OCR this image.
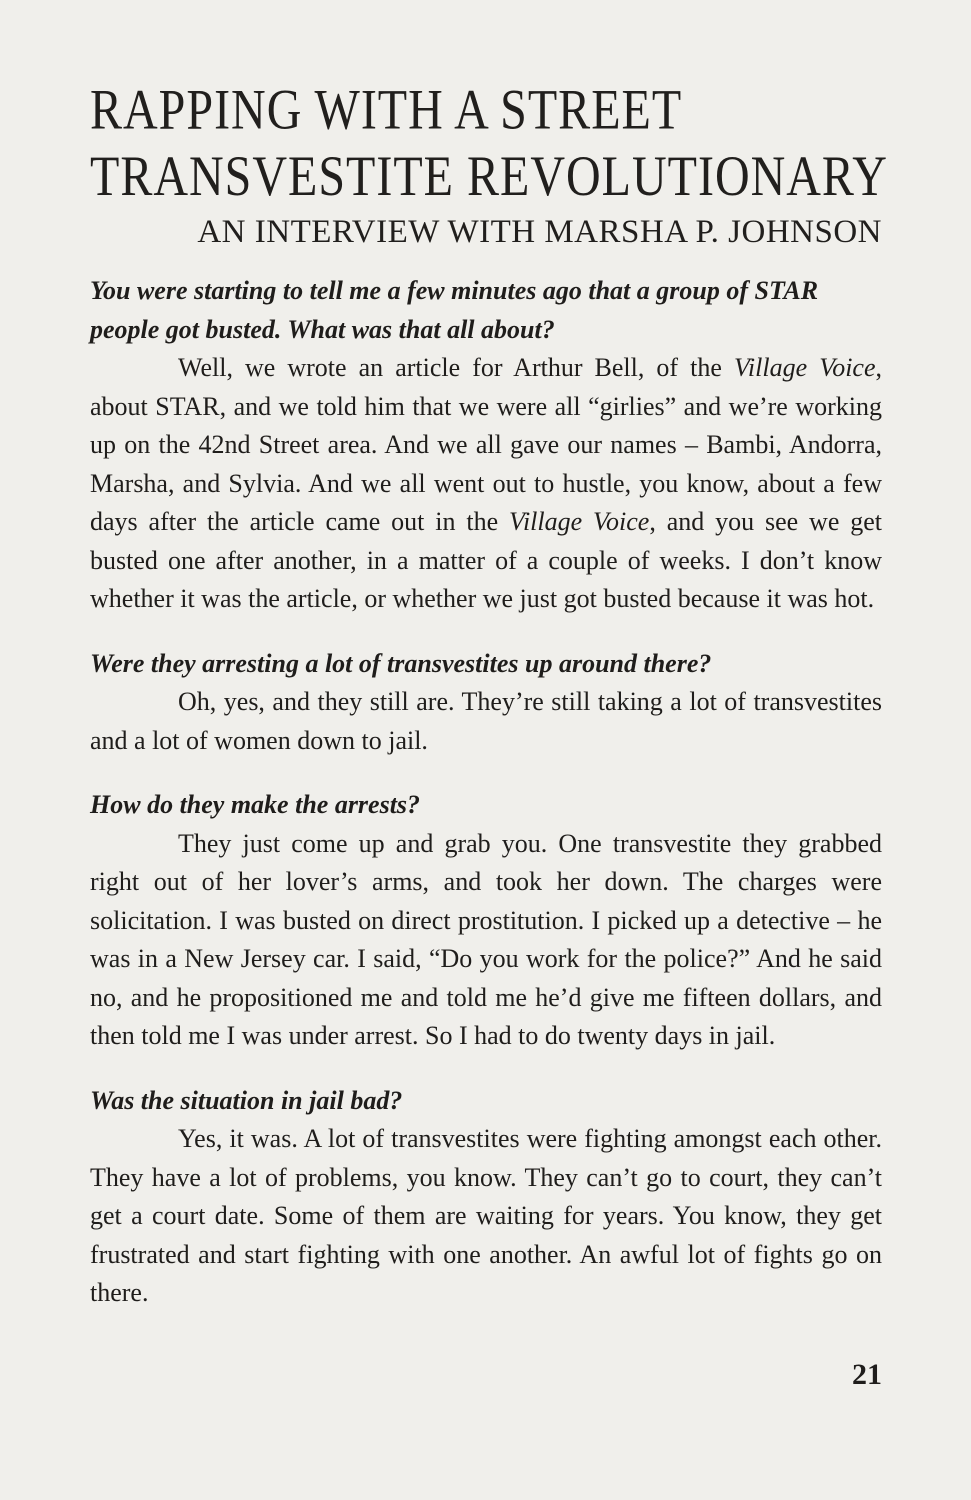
RAPPING WITH A STREET
TRANSVESTITE REVOLUTIONARY
AN INTERVIEW WITH MARSHA P. JOHNSON

You were starting to tell me a few minutes ago that a group of STAR people got busted. What was that all about?

Well, we wrote an article for Arthur Bell, of the Village Voice, about STAR, and we told him that we were all “girlies” and we’re working up on the 42nd Street area. And we all gave our names – Bambi, Andorra, Marsha, and Sylvia. And we all went out to hustle, you know, about a few days after the article came out in the Village Voice, and you see we get busted one after another, in a matter of a couple of weeks. I don’t know whether it was the article, or whether we just got busted because it was hot.

Were they arresting a lot of transvestites up around there?

Oh, yes, and they still are. They’re still taking a lot of transvestites and a lot of women down to jail.

How do they make the arrests?

They just come up and grab you. One transvestite they grabbed right out of her lover’s arms, and took her down. The charges were solicitation. I was busted on direct prostitution. I picked up a detective – he was in a New Jersey car. I said, “Do you work for the police?” And he said no, and he propositioned me and told me he’d give me fifteen dollars, and then told me I was under arrest. So I had to do twenty days in jail.

Was the situation in jail bad?

Yes, it was. A lot of transvestites were fighting amongst each other. They have a lot of problems, you know. They can’t go to court, they can’t get a court date. Some of them are waiting for years. You know, they get frustrated and start fighting with one another. An awful lot of fights go on there.

21
